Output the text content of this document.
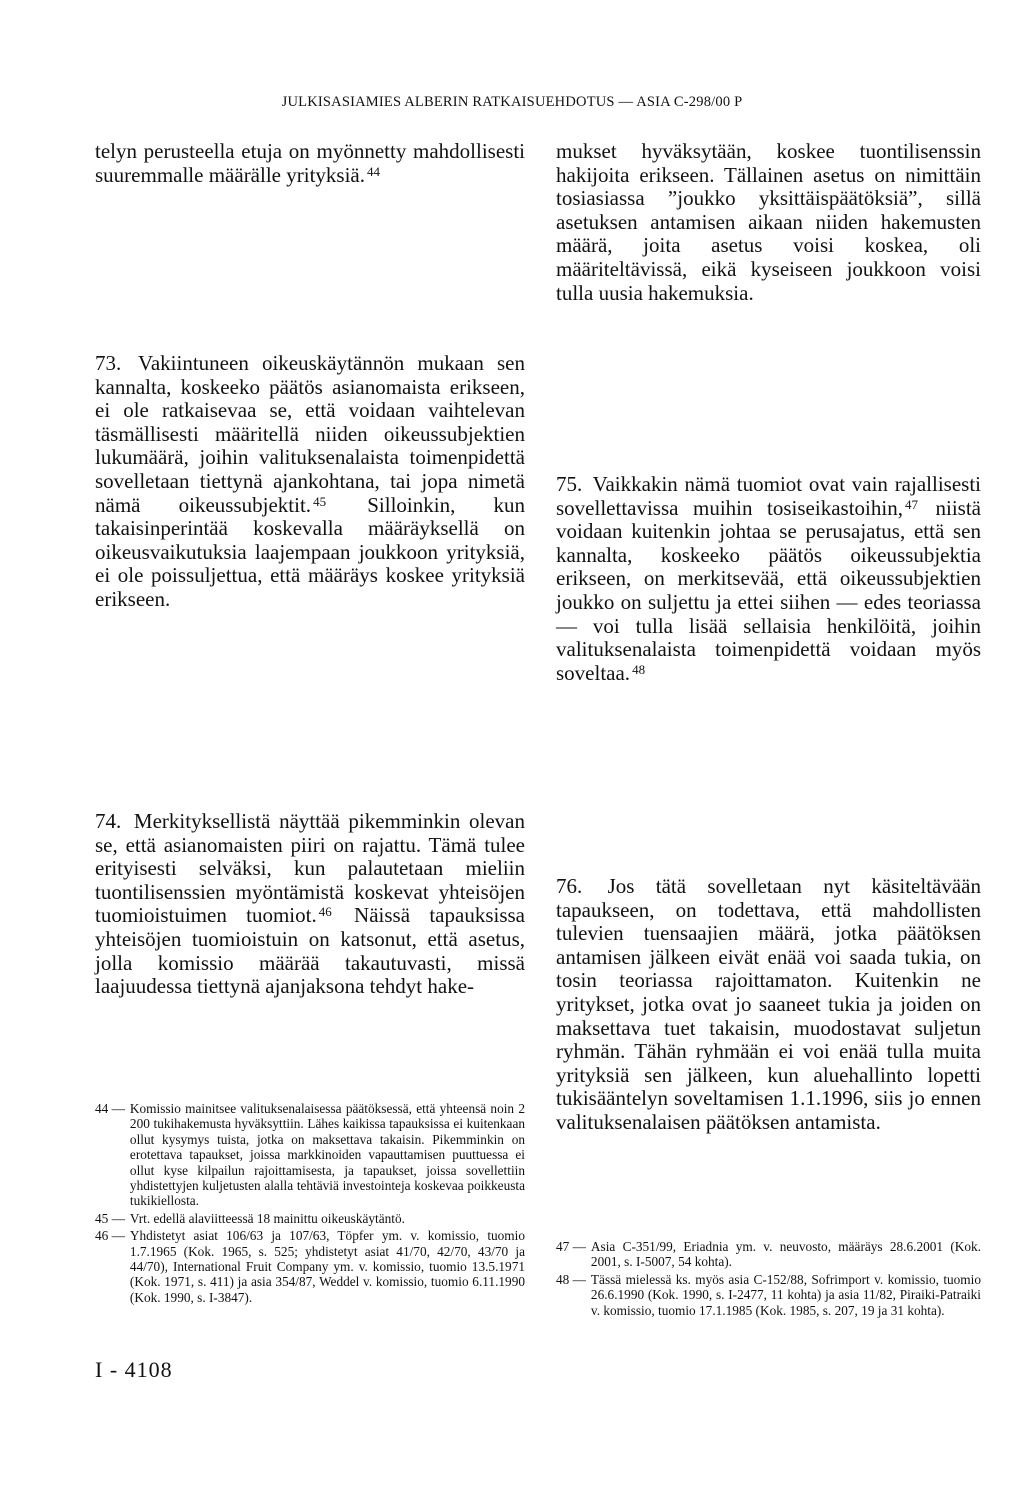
JULKISASIAMIES ALBERIN RATKAISUEHDOTUS — ASIA C-298/00 P

telyn perusteella etuja on myönnetty mahdollisesti suuremmalle määrälle yrityksiä. $^{44}$

73. Vakiintuneen oikeuskäytännön mukaan sen kannalta, koskeeko päätös asianomaista erikseen, ei ole ratkaisevaa se, että voidaan vaihtelevan täsmällisesti määritellä niiden oikeussubjektien lukumäärä, joihin valituksenalaista toimenpidettä sovelletaan tiettynä ajankohtana, tai jopa nimetä nämä oikeussubjektit. $^{45}$ Silloinkin, kun takaisinperintää koskevalla määräyksellä on oikeusvaikutuksia laajempaan joukkoon yrityksiä, ei ole poissuljettua, että määräys koskee yrityksiä erikseen.

74. Merkityksellistä näyttää pikemminkin olevan se, että asianomaisten piiri on rajattu. Tämä tulee erityisesti selväksi, kun palautetaan mieliin tuontilisenssien myöntämistä koskevat yhteisöjen tuomioistuimen tuomiot. $^{46}$ Näissä tapauksissa yhteisöjen tuomioistuin on katsonut, että asetus, jolla komissio määrää takautuvasti, missä laajuudessa tiettynä ajanjaksona tehdyt hake-

44 — Komissio mainitsee valituksenalaisessa päätöksessä, että yhteensä noin 2 200 tukihakemusta hyväksyttiin. Lähes kaikissa tapauksissa ei kuitenkaan ollut kysymys tuista, jotka on maksettava takaisin. Pikemminkin on erotettava tapaukset, joissa markkinoiden vapauttamisen puuttuessa ei ollut kyse kilpailun rajoittamisesta, ja tapaukset, joissa sovellettiin yhdistettyjen kuljetusten alalla tehtäviä investointeja koskevaa poikkeusta tukikiellosta.
45 — Vrt. edellä alaviitteessä 18 mainittu oikeuskäytäntö.
46 — Yhdistetyt asiat 106/63 ja 107/63, Töpfer ym. v. komissio, tuomio 1.7.1965 (Kok. 1965, s. 525; yhdistetyt asiat 41/70, 42/70, 43/70 ja 44/70), International Fruit Company ym. v. komissio, tuomio 13.5.1971 (Kok. 1971, s. 411) ja asia 354/87, Weddel v. komissio, tuomio 6.11.1990 (Kok. 1990, s. I-3847).

mukset hyväksytään, koskee tuontilisenssin hakijoita erikseen. Tällainen asetus on nimittäin tosiasiassa ”joukko yksittäispäätöksiä”, sillä asetuksen antamisen aikaan niiden hakemusten määrä, joita asetus voisi koskea, oli määriteltävissä, eikä kyseiseen joukkoon voisi tulla uusia hakemuksia.

75. Vaikkakin nämä tuomiot ovat vain rajallisesti sovellettavissa muihin tosiseikastoihin, $^{47}$ niistä voidaan kuitenkin johtaa se perusajatus, että sen kannalta, koskeeko päätös oikeussubjektia erikseen, on merkitsevää, että oikeussubjektien joukko on suljettu ja ettei siihen — edes teoriassa — voi tulla lisää sellaisia henkilöitä, joihin valituksenalaista toimenpidettä voidaan myös soveltaa. $^{48}$

76. Jos tätä sovelletaan nyt käsiteltävään tapaukseen, on todettava, että mahdollisten tulevien tuensaajien määrä, jotka päätöksen antamisen jälkeen eivät enää voi saada tukia, on tosin teoriassa rajoittamaton. Kuitenkin ne yritykset, jotka ovat jo saaneet tukia ja joiden on maksettava tuet takaisin, muodostavat suljetun ryhmän. Tähän ryhmään ei voi enää tulla muita yrityksiä sen jälkeen, kun aluehallinto lopetti tukisääntelyn soveltamisen 1.1.1996, siis jo ennen valituksenalaisen päätöksen antamista.

47 — Asia C-351/99, Eriadnia ym. v. neuvosto, määräys 28.6.2001 (Kok. 2001, s. I-5007, 54 kohta).
48 — Tässä mielessä ks. myös asia C-152/88, Sofrimport v. komissio, tuomio 26.6.1990 (Kok. 1990, s. I-2477, 11 kohta) ja asia 11/82, Piraiki-Patraiki v. komissio, tuomio 17.1.1985 (Kok. 1985, s. 207, 19 ja 31 kohta).
I - 4108
